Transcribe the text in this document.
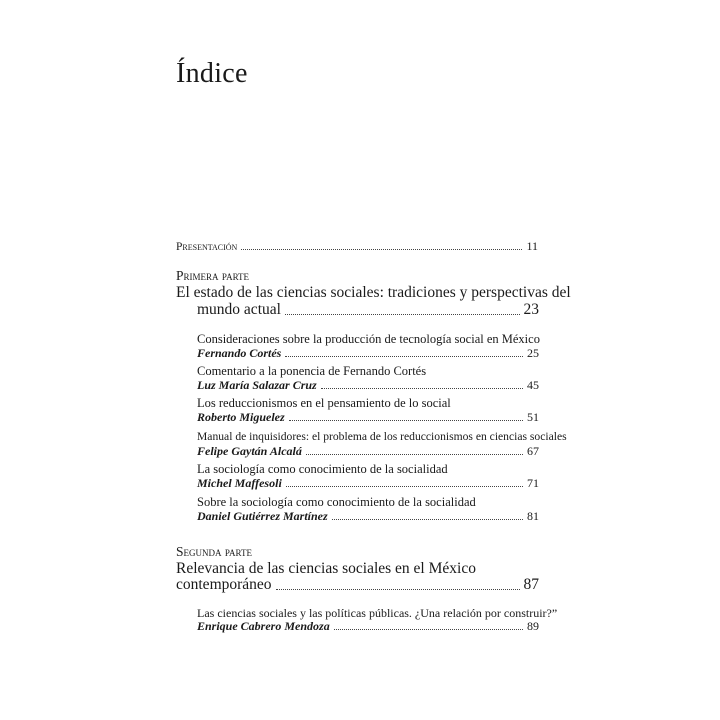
Índice
Presentación	11
Primera parte
El estado de las ciencias sociales: tradiciones y perspectivas del
mundo actual	23
Consideraciones sobre la producción de tecnología social en México
Fernando Cortés	25
Comentario a la ponencia de Fernando Cortés
Luz María Salazar Cruz	45
Los reduccionismos en el pensamiento de lo social
Roberto Miguelez	51
Manual de inquisidores: el problema de los reduccionismos en ciencias sociales
Felipe Gaytán Alcalá	67
La sociología como conocimiento de la socialidad
Michel Maffesoli	71
Sobre la sociología como conocimiento de la socialidad
Daniel Gutiérrez Martínez	81
Segunda parte
Relevancia de las ciencias sociales en el México
contemporáneo	87
Las ciencias sociales y las políticas públicas. ¿Una relación por construir?”
Enrique Cabrero Mendoza	89
